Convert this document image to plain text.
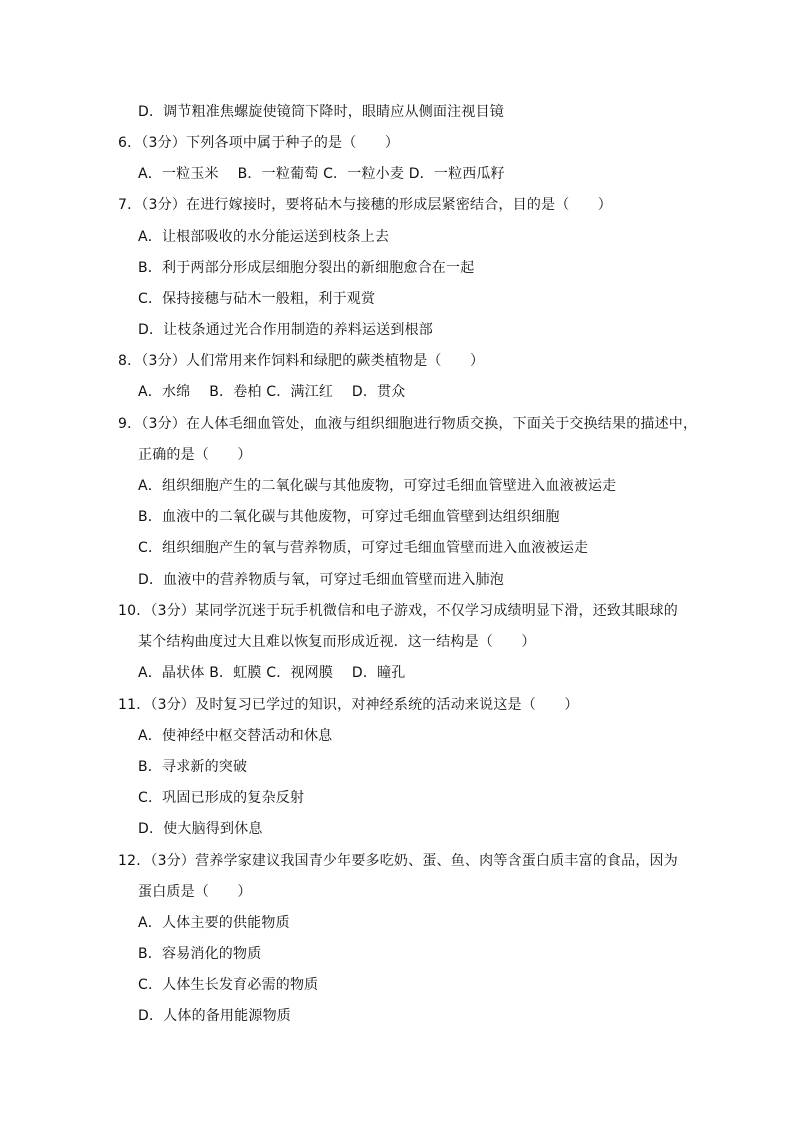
D．调节粗准焦螺旋使镜筒下降时，眼睛应从侧面注视目镜
6．（3分）下列各项中属于种子的是（　　）
A．一粒玉米　 B．一粒葡萄 C．一粒小麦 D．一粒西瓜籽
7．（3分）在进行嫁接时，要将砧木与接穗的形成层紧密结合，目的是（　　）
A．让根部吸收的水分能运送到枝条上去
B．利于两部分形成层细胞分裂出的新细胞愈合在一起
C．保持接穗与砧木一般粗，利于观赏
D．让枝条通过光合作用制造的养料运送到根部
8．（3分）人们常用来作饲料和绿肥的蕨类植物是（　　）
A．水绵　 B．卷柏 C．满江红　 D．贯众
9．（3分）在人体毛细血管处，血液与组织细胞进行物质交换，下面关于交换结果的描述中，
正确的是（　　）
A．组织细胞产生的二氧化碳与其他废物，可穿过毛细血管壁进入血液被运走
B．血液中的二氧化碳与其他废物，可穿过毛细血管壁到达组织细胞
C．组织细胞产生的氧与营养物质，可穿过毛细血管壁而进入血液被运走
D．血液中的营养物质与氧，可穿过毛细血管壁而进入肺泡
10．（3分）某同学沉迷于玩手机微信和电子游戏，不仅学习成绩明显下滑，还致其眼球的
某个结构曲度过大且难以恢复而形成近视．这一结构是（　　）
A．晶状体 B．虹膜 C．视网膜　 D．瞳孔
11．（3分）及时复习已学过的知识，对神经系统的活动来说这是（　　）
A．使神经中枢交替活动和休息
B．寻求新的突破
C．巩固已形成的复杂反射
D．使大脑得到休息
12．（3分）营养学家建议我国青少年要多吃奶、蛋、鱼、肉等含蛋白质丰富的食品，因为
蛋白质是（　　）
A．人体主要的供能物质
B．容易消化的物质
C．人体生长发育必需的物质
D．人体的备用能源物质
